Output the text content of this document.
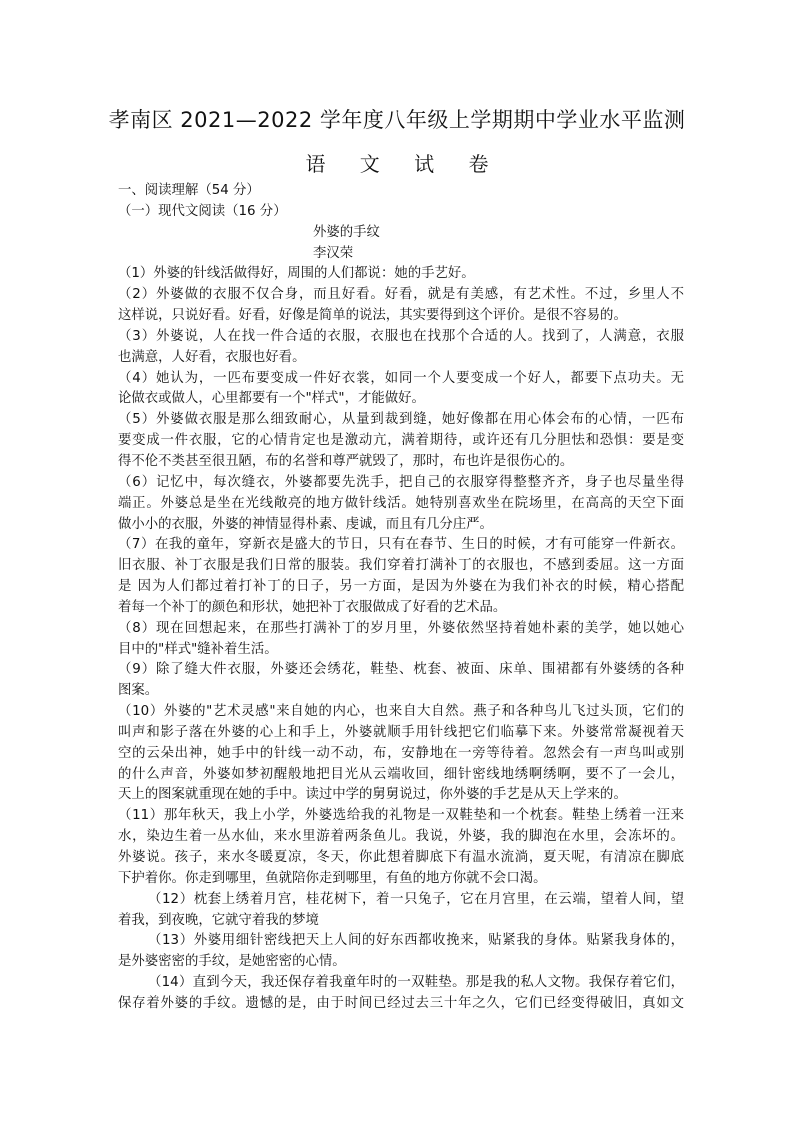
孝南区 2021—2022 学年度八年级上学期期中学业水平监测
语 文 试 卷
一、阅读理解（54 分）
（一）现代文阅读（16 分）
外婆的手纹
李汉荣
（1）外婆的针线活做得好，周围的人们都说：她的手艺好。
（2）外婆做的衣服不仅合身，而且好看。好看，就是有美感，有艺术性。不过，乡里人不
这样说，只说好看。好看，好像是简单的说法，其实要得到这个评价。是很不容易的。
（3）外婆说，人在找一件合适的衣服，衣服也在找那个合适的人。找到了，人满意，衣服
也满意，人好看，衣服也好看。
（4）她认为，一匹布要变成一件好衣裳，如同一个人要变成一个好人，都要下点功夫。无
论做衣或做人，心里都要有一个"样式"，才能做好。
（5）外婆做衣服是那么细致耐心，从量到裁到缝，她好像都在用心体会布的心情，一匹布
要变成一件衣服，它的心情肯定也是激动亢，满着期待，或许还有几分胆怯和恐惧：要是变
得不伦不类甚至很丑陋，布的名誉和尊严就毁了，那时，布也许是很伤心的。
（6）记忆中，每次缝衣，外婆都要先洗手，把自己的衣服穿得整整齐齐，身子也尽量坐得
端正。外婆总是坐在光线敞亮的地方做针线活。她特别喜欢坐在院场里，在高高的天空下面
做小小的衣服，外婆的神情显得朴素、虔诚，而且有几分庄严。
（7）在我的童年，穿新衣是盛大的节日，只有在春节、生日的时候，才有可能穿一件新衣。
旧衣服、补丁衣服是我们日常的服装。我们穿着打满补丁的衣服也，不感到委屈。这一方面
是 因为人们都过着打补丁的日子，另一方面，是因为外婆在为我们补衣的时候，精心搭配
着每一个补丁的颜色和形状，她把补丁衣服做成了好看的艺术品。
（8）现在回想起来，在那些打满补丁的岁月里，外婆依然坚持着她朴素的美学，她以她心
目中的"样式"缝补着生活。
（9）除了缝大件衣服，外婆还会绣花，鞋垫、枕套、被面、床单、围裙都有外婆绣的各种
图案。
（10）外婆的"艺术灵感"来自她的内心，也来自大自然。燕子和各种鸟儿飞过头顶，它们的
叫声和影子落在外婆的心上和手上，外婆就顺手用针线把它们临摹下来。外婆常常凝视着天
空的云朵出神，她手中的针线一动不动，布，安静地在一旁等待着。忽然会有一声鸟叫或别
的什么声音，外婆如梦初醒般地把目光从云端收回，细针密线地绣啊绣啊，要不了一会儿，
天上的图案就重现在她的手中。读过中学的舅舅说过，你外婆的手艺是从天上学来的。
（11）那年秋天，我上小学，外婆选给我的礼物是一双鞋垫和一个枕套。鞋垫上绣着一汪来
水，染边生着一丛水仙，来水里游着两条鱼儿。我说，外婆，我的脚泡在水里，会冻坏的。
外婆说。孩子，来水冬暖夏凉，冬天，你此想着脚底下有温水流淌，夏天呢，有清凉在脚底
下护着你。你走到哪里，鱼就陪你走到哪里，有鱼的地方你就不会口渴。
（12）枕套上绣着月宫，桂花树下，着一只兔子，它在月宫里，在云端，望着人间，望
着我，到夜晚，它就守着我的梦境
（13）外婆用细针密线把天上人间的好东西都收挽来，贴紧我的身体。贴紧我身体的，
是外婆密密的手纹，是她密密的心情。
（14）直到今天，我还保存着我童年时的一双鞋垫。那是我的私人文物。我保存着它们，
保存着外婆的手纹。遗憾的是，由于时间已经过去三十年之久，它们已经变得破旧，真如文
